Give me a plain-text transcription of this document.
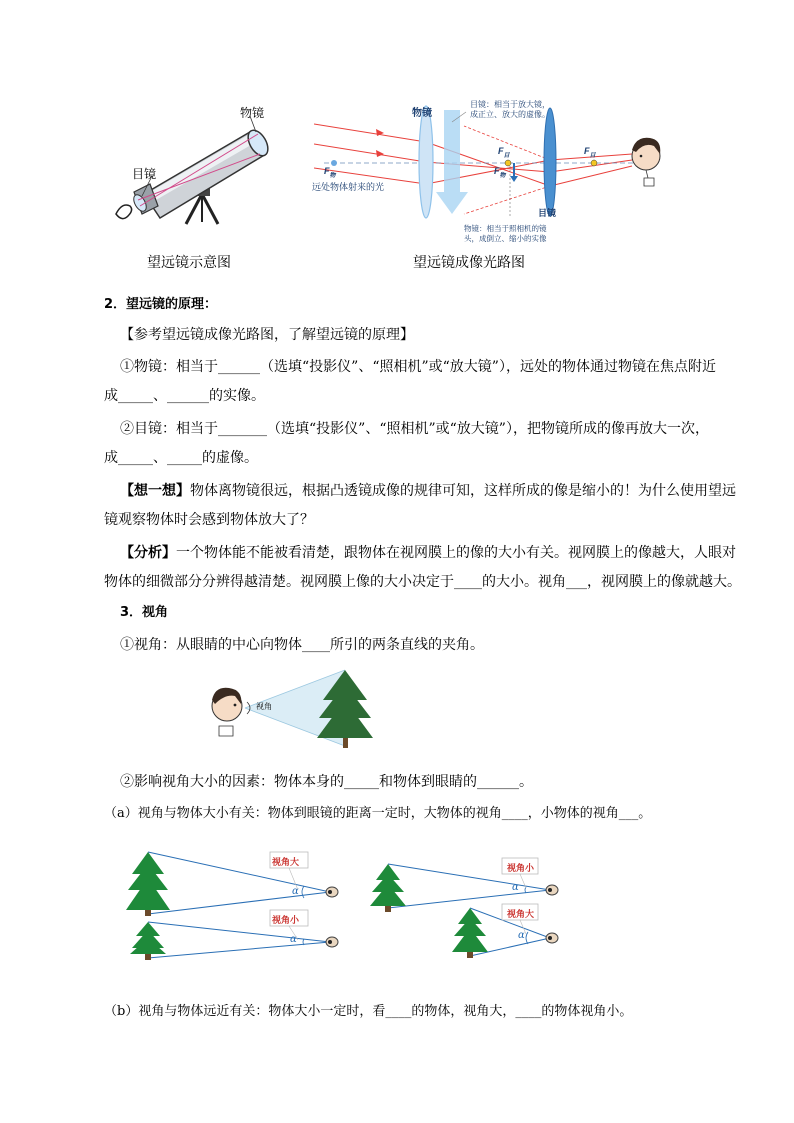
物镜
目镜
望远镜示意图
物镜
目镜：相当于放大镜，
成正立、放大的虚像。
$F_物$
$F_目$
$F_物$
$F_目$
远处物体射来的光
目镜
物镜：相当于照相机的镜
头，成倒立、缩小的实像
望远镜成像光路图
2．望远镜的原理：
【参考望远镜成像光路图，了解望远镜的原理】
①物镜：相当于______（选填“投影仪”、“照相机”或“放大镜”），远处的物体通过物镜在焦点附近
成_____、______的实像。
②目镜：相当于_______（选填“投影仪”、“照相机”或“放大镜”），把物镜所成的像再放大一次，
成_____、_____的虚像。
【想一想】物体离物镜很远，根据凸透镜成像的规律可知，这样所成的像是缩小的！为什么使用望远
镜观察物体时会感到物体放大了？
【分析】一个物体能不能被看清楚，跟物体在视网膜上的像的大小有关。视网膜上的像越大，人眼对
物体的细微部分分辨得越清楚。视网膜上像的大小决定于____的大小。视角___，视网膜上的像就越大。
3．视角
①视角：从眼睛的中心向物体____所引的两条直线的夹角。
视角
②影响视角大小的因素：物体本身的_____和物体到眼睛的______。
（a）视角与物体大小有关：物体到眼镜的距离一定时，大物体的视角____，小物体的视角___。
视角大
α
视角小
α
视角小
α
视角大
α
（b）视角与物体远近有关：物体大小一定时，看____的物体，视角大，____的物体视角小。
